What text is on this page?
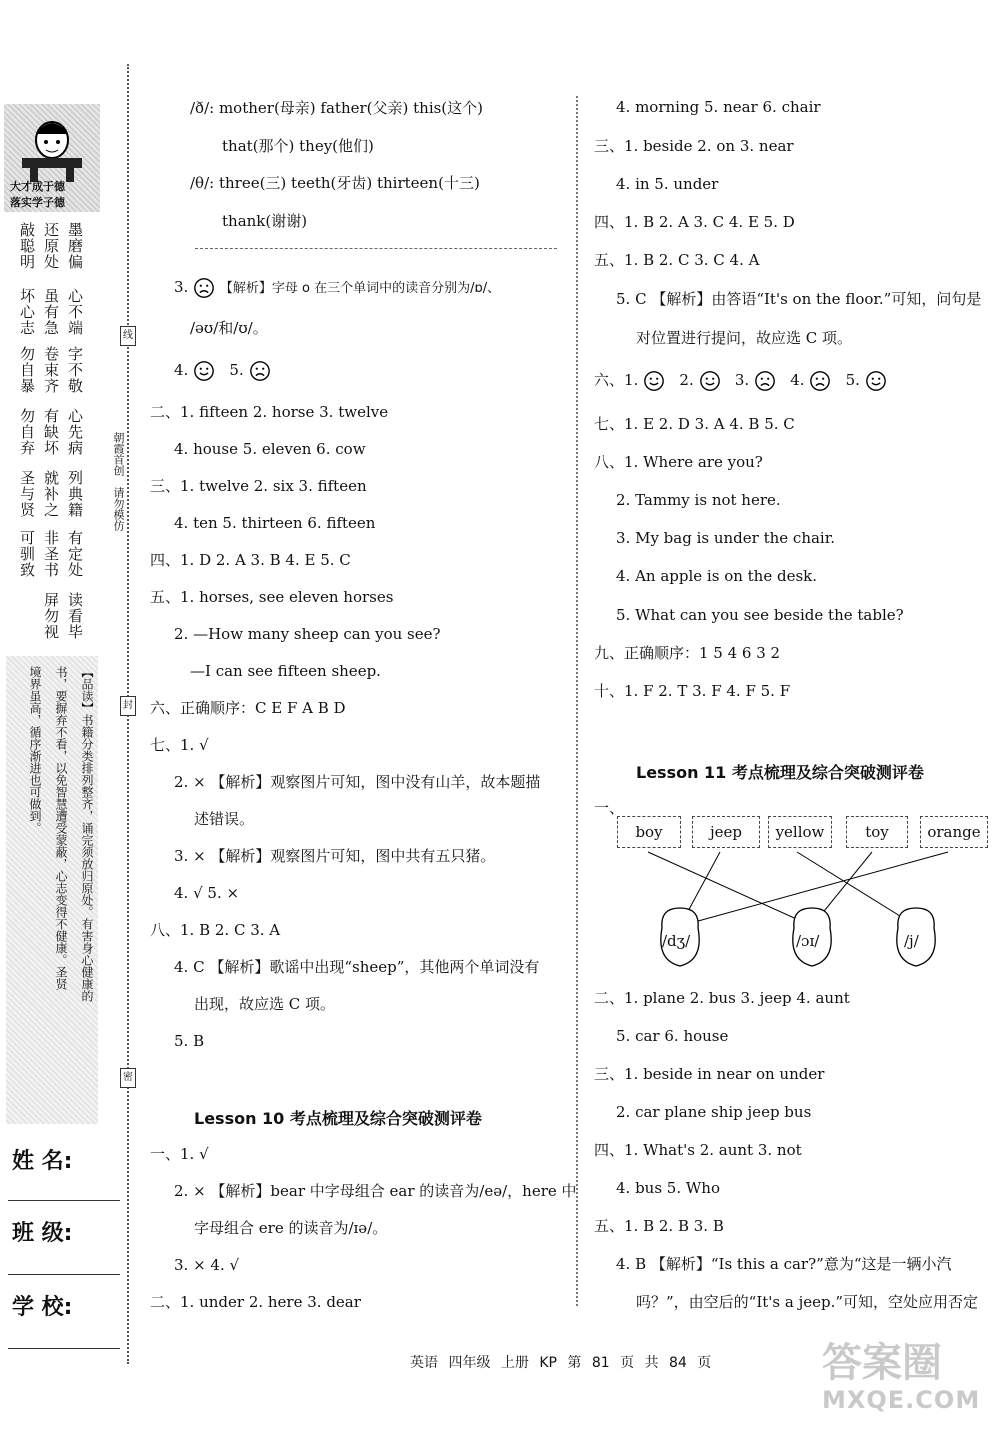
大才成于德
落实学子德
敲聪明
坏心志
勿自暴
勿自弃
圣与贤
可驯致
还原处
虽有急
卷束齐
有缺坏
就补之
非圣书
屏勿视
墨磨偏
心不端
字不敬
心先病
列典籍
有定处
读看毕
【品读】书籍分类排列整齐，诵完须放归原处。有害身心健康的
书，要摒弃不看，以免智慧遭受蒙蔽，心志变得不健康。圣贤
境界虽高，循序渐进也可做到。
姓 名:
班 级:
学 校:
线
封
密
朝霞首创　请勿模仿
/ð/: mother(母亲) father(父亲) this(这个)
that(那个) they(他们)
/θ/: three(三) teeth(牙齿) thirteen(十三)
thank(谢谢)
3. 【解析】字母 o 在三个单词中的读音分别为/ɒ/、
/əʊ/和/ʊ/。
4.	5.
二、1. fifteen 2. horse 3. twelve
4. house 5. eleven 6. cow
三、1. twelve 2. six 3. fifteen
4. ten 5. thirteen 6. fifteen
四、1. D 2. A 3. B 4. E 5. C
五、1. horses, see eleven horses
2. —How many sheep can you see?
—I can see fifteen sheep.
六、正确顺序：C E F A B D
七、1. √
2. × 【解析】观察图片可知，图中没有山羊，故本题描
述错误。
3. × 【解析】观察图片可知，图中共有五只猪。
4. √ 5. ×
八、1. B 2. C 3. A
4. C 【解析】歌谣中出现“sheep”，其他两个单词没有
出现，故应选 C 项。
5. B
Lesson 10 考点梳理及综合突破测评卷
一、1. √
2. × 【解析】bear 中字母组合 ear 的读音为/eə/，here 中
字母组合 ere 的读音为/ɪə/。
3. × 4. √
二、1. under 2. here 3. dear
4. morning 5. near 6. chair
三、1. beside 2. on 3. near
4. in 5. under
四、1. B 2. A 3. C 4. E 5. D
五、1. B 2. C 3. C 4. A
5. C 【解析】由答语“It's on the floor.”可知，问句是
对位置进行提问，故应选 C 项。
六、1.	2.	3.	4.	5.
七、1. E 2. D 3. A 4. B 5. C
八、1. Where are you?
2. Tammy is not here.
3. My bag is under the chair.
4. An apple is on the desk.
5. What can you see beside the table?
九、正确顺序：1 5 4 6 3 2
十、1. F 2. T 3. F 4. F 5. F
Lesson 11 考点梳理及综合突破测评卷
一、
boy	jeep	yellow	toy	orange
/dʒ/	/ɔɪ/	/j/
二、1. plane 2. bus 3. jeep 4. aunt
5. car 6. house
三、1. beside in near on under
2. car plane ship jeep bus
四、1. What's 2. aunt 3. not
4. bus 5. Who
五、1. B 2. B 3. B
4. B 【解析】“Is this a car?”意为“这是一辆小汽
吗？”，由空后的“It's a jeep.”可知，空处应用否定
英语 四年级 上册 KP 第 81 页 共 84 页	答案圈
MXQE.COM
